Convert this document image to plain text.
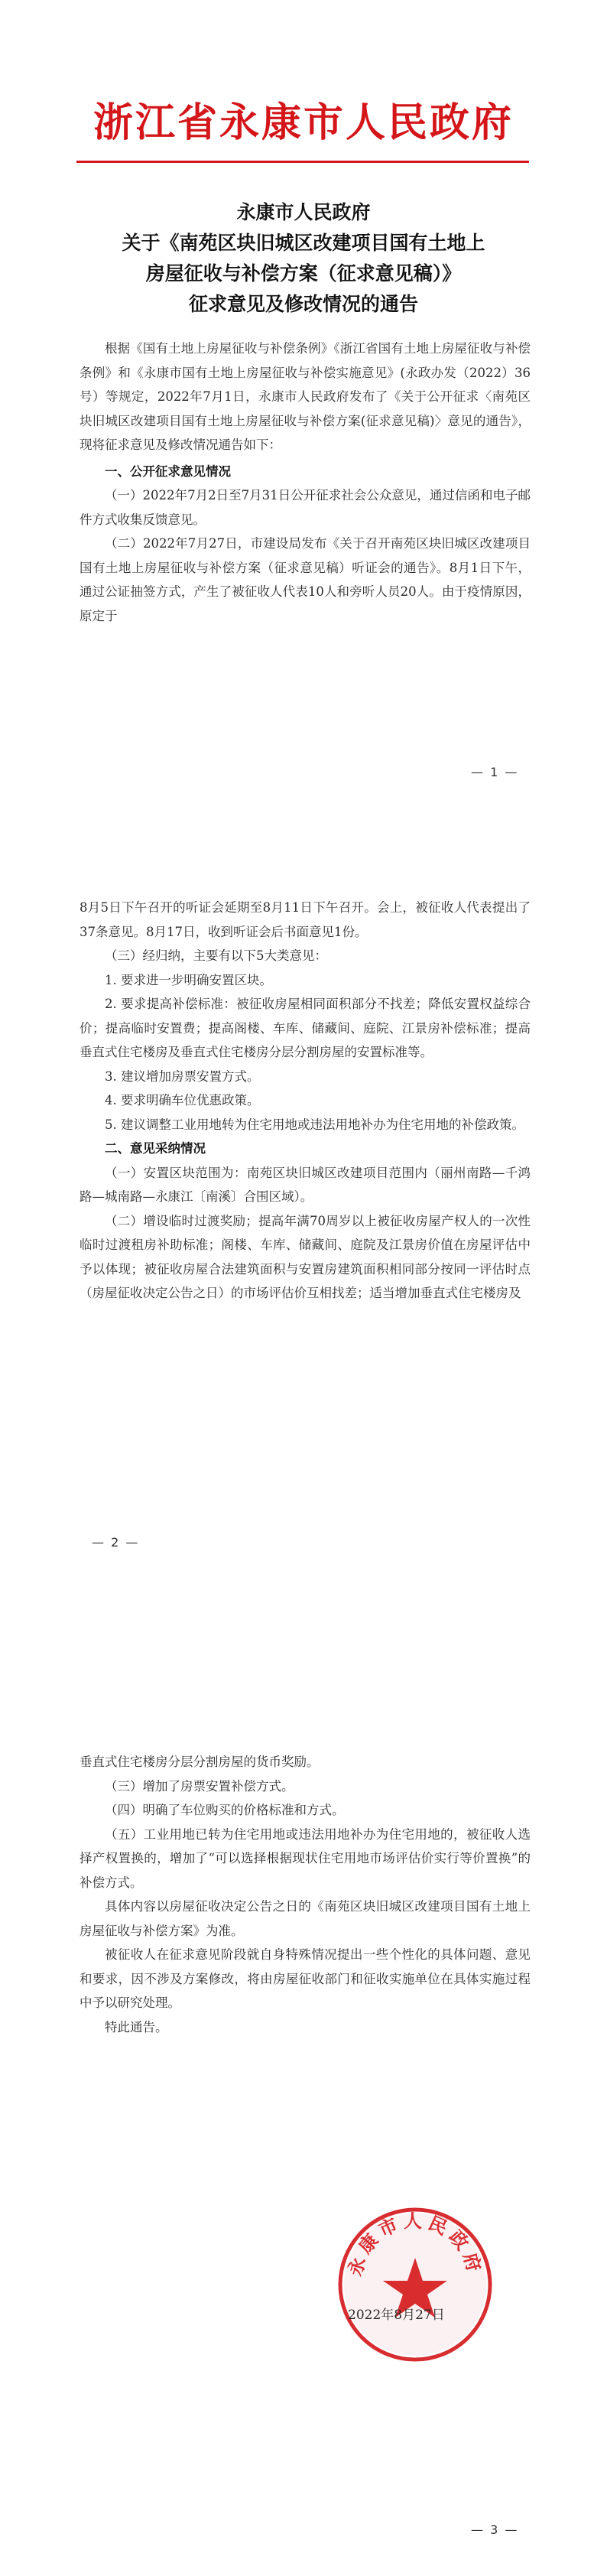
浙江省永康市人民政府
永康市人民政府
关于《南苑区块旧城区改建项目国有土地上
房屋征收与补偿方案（征求意见稿）》
征求意见及修改情况的通告

根据《国有土地上房屋征收与补偿条例》《浙江省国有土地上房屋征收与补偿条例》和《永康市国有土地上房屋征收与补偿实施意见》(永政办发（2022）36号）等规定，2022年7月1日，永康市人民政府发布了《关于公开征求〈南苑区块旧城区改建项目国有土地上房屋征收与补偿方案(征求意见稿)〉意见的通告》，现将征求意见及修改情况通告如下：

一、公开征求意见情况

（一）2022年7月2日至7月31日公开征求社会公众意见，通过信函和电子邮件方式收集反馈意见。

（二）2022年7月27日，市建设局发布《关于召开南苑区块旧城区改建项目国有土地上房屋征收与补偿方案（征求意见稿）听证会的通告》。8月1日下午，通过公证抽签方式，产生了被征收人代表10人和旁听人员20人。由于疫情原因，原定于

— 1 —

8月5日下午召开的听证会延期至8月11日下午召开。会上，被征收人代表提出了37条意见。8月17日，收到听证会后书面意见1份。

（三）经归纳，主要有以下5大类意见：

1. 要求进一步明确安置区块。

2. 要求提高补偿标准：被征收房屋相同面积部分不找差；降低安置权益综合价；提高临时安置费；提高阁楼、车库、储藏间、庭院、江景房补偿标准；提高垂直式住宅楼房及垂直式住宅楼房分层分割房屋的安置标准等。

3. 建议增加房票安置方式。

4. 要求明确车位优惠政策。

5. 建议调整工业用地转为住宅用地或违法用地补办为住宅用地的补偿政策。

二、意见采纳情况

（一）安置区块范围为：南苑区块旧城区改建项目范围内（丽州南路—千鸿路—城南路—永康江〔南溪〕合围区域）。

（二）增设临时过渡奖励；提高年满70周岁以上被征收房屋产权人的一次性临时过渡租房补助标准；阁楼、车库、储藏间、庭院及江景房价值在房屋评估中予以体现；被征收房屋合法建筑面积与安置房建筑面积相同部分按同一评估时点（房屋征收决定公告之日）的市场评估价互相找差；适当增加垂直式住宅楼房及

— 2 —

垂直式住宅楼房分层分割房屋的货币奖励。

（三）增加了房票安置补偿方式。

（四）明确了车位购买的价格标准和方式。

（五）工业用地已转为住宅用地或违法用地补办为住宅用地的，被征收人选择产权置换的，增加了“可以选择根据现状住宅用地市场评估价实行等价置换”的补偿方式。

具体内容以房屋征收决定公告之日的《南苑区块旧城区改建项目国有土地上房屋征收与补偿方案》为准。

被征收人在征求意见阶段就自身特殊情况提出一些个性化的具体问题、意见和要求，因不涉及方案修改，将由房屋征收部门和征收实施单位在具体实施过程中予以研究处理。

特此通告。

— 3 —
永康市人民政府
2022年8月27日
